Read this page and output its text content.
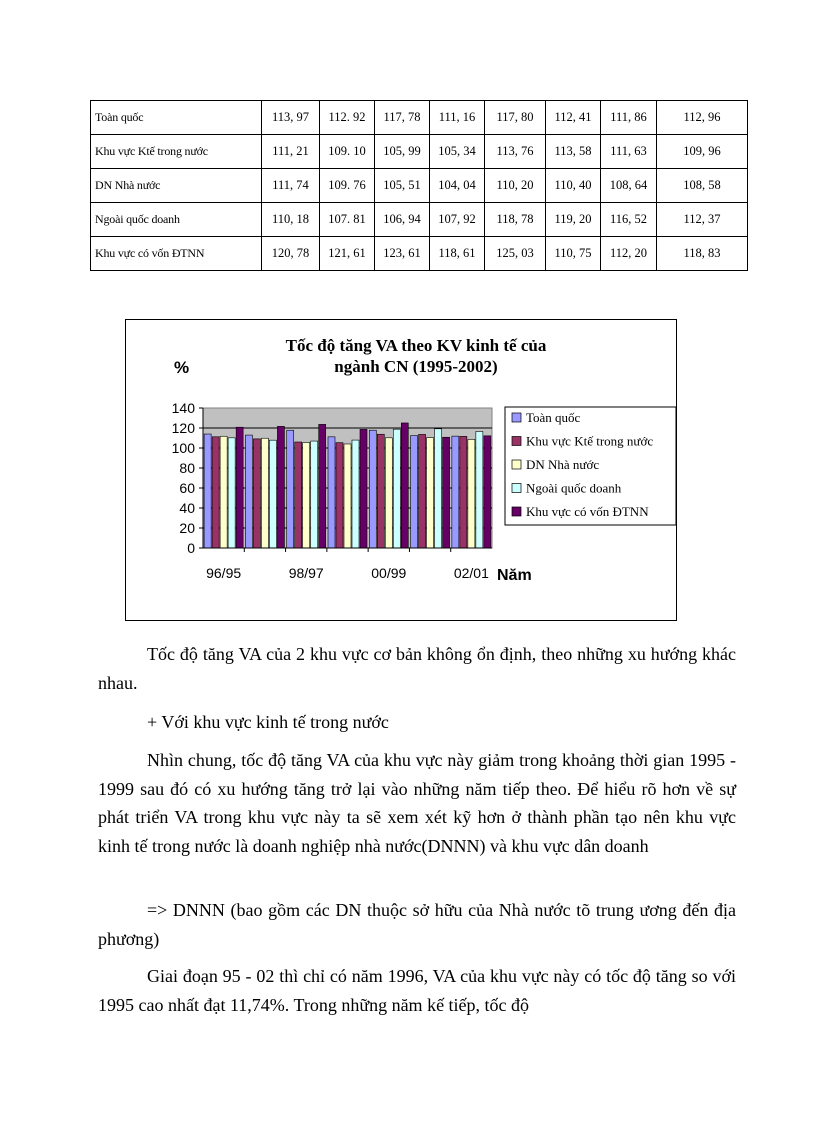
Toàn quốc	113, 97	112. 92	117, 78	111, 16	117, 80	112, 41	111, 86	112, 96
Khu vực Ktế trong nước	111, 21	109. 10	105, 99	105, 34	113, 76	113, 58	111, 63	109, 96
DN Nhà nước	111, 74	109. 76	105, 51	104, 04	110, 20	110, 40	108, 64	108, 58
Ngoài quốc doanh	110, 18	107. 81	106, 94	107, 92	118, 78	119, 20	116, 52	112, 37
Khu vực có vốn ĐTNN	120, 78	121, 61	123, 61	118, 61	125, 03	110, 75	112, 20	118, 83
Tốc độ tăng VA theo KV kinh tế của
ngành CN (1995-2002)
%
Năm
0
20
40
60
80
100
120
140
96/95	98/97	00/99	02/01
Toàn quốc
Khu vực Ktế trong nước
DN Nhà nước
Ngoài quốc doanh
Khu vực có vốn ĐTNN

Tốc độ tăng VA của 2 khu vực cơ bản không ổn định, theo những xu hướng khác nhau.

+ Với khu vực kinh tế trong nước

Nhìn chung, tốc độ tăng VA của khu vực này giảm trong khoảng thời gian 1995 - 1999 sau đó có xu hướng tăng trở lại vào những năm tiếp theo. Để hiểu rõ hơn về sự phát triển VA trong khu vực này ta sẽ xem xét kỹ hơn ở thành phần tạo nên khu vực kinh tế trong nước là doanh nghiệp nhà nước(DNNN) và khu vực dân doanh

=> DNNN (bao gồm các DN thuộc sở hữu của Nhà nước tõ trung ương đến địa phương)

Giai đoạn 95 - 02 thì chỉ có năm 1996, VA của khu vực này có tốc độ tăng so với 1995 cao nhất đạt 11,74%. Trong những năm kế tiếp, tốc độ
